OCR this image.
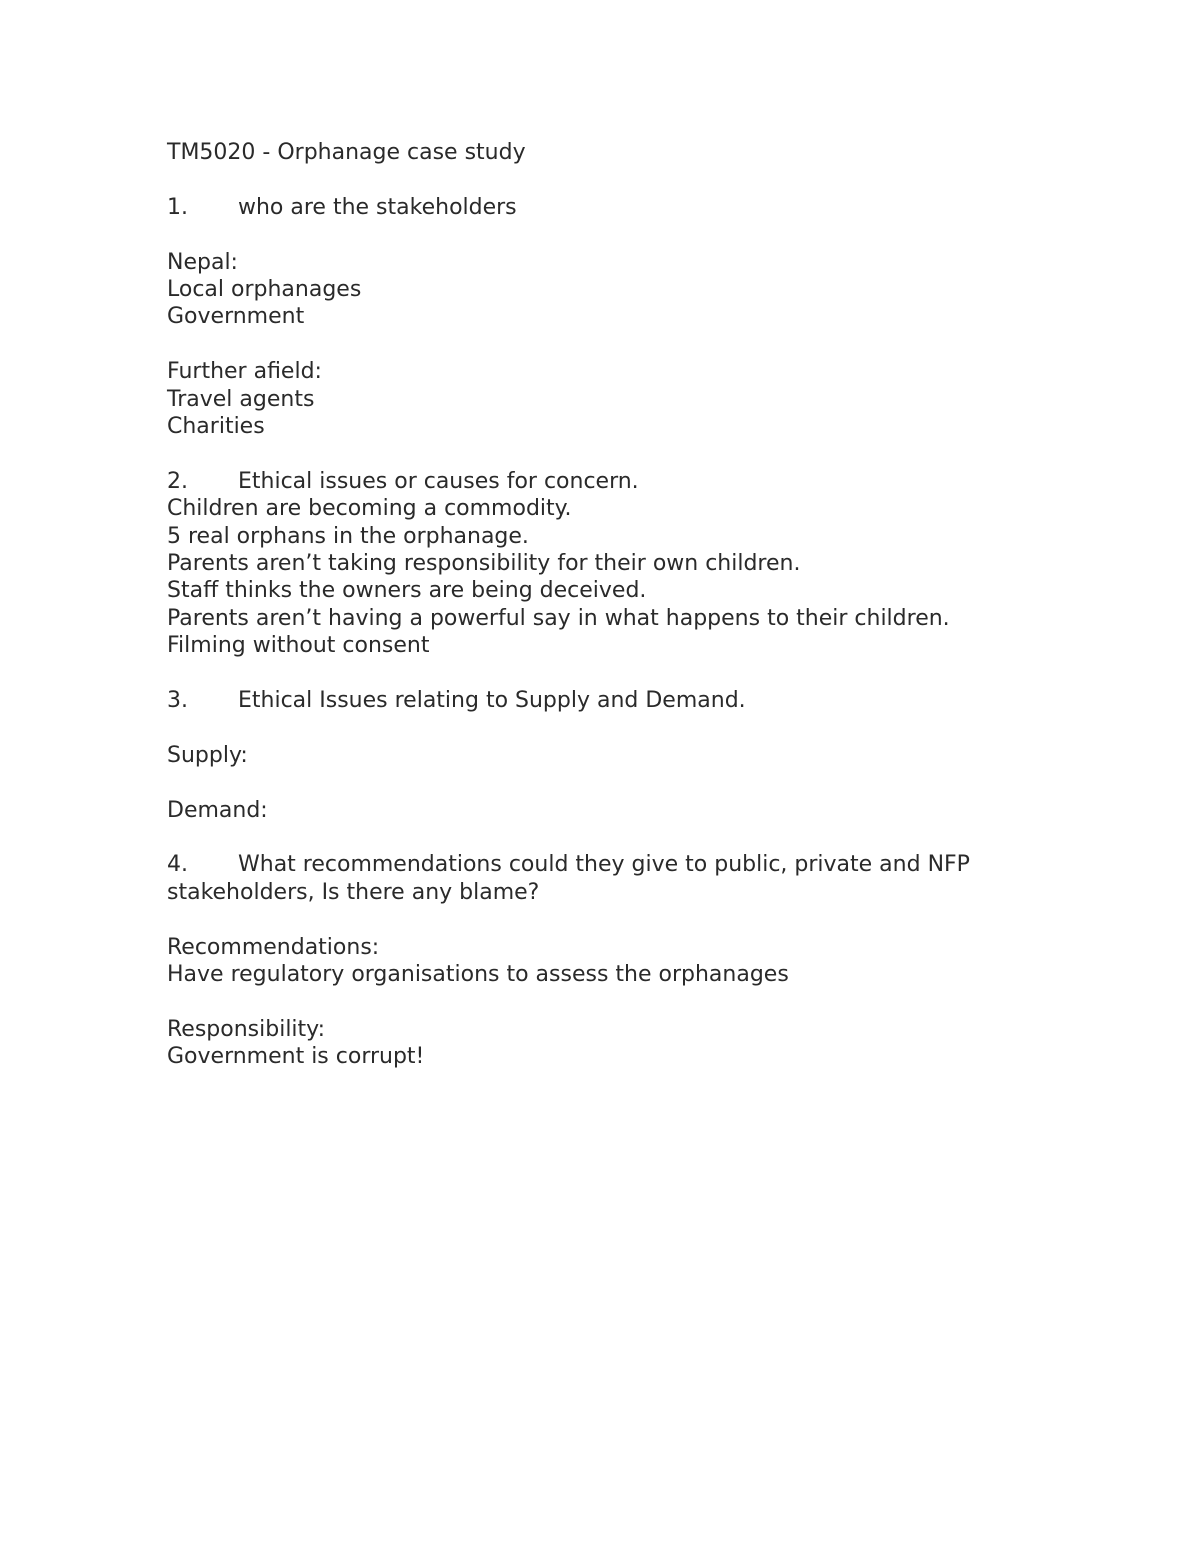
TM5020 - Orphanage case study
1. who are the stakeholders
Nepal:
Local orphanages
Government
Further afield:
Travel agents
Charities
2. Ethical issues or causes for concern.
Children are becoming a commodity.
5 real orphans in the orphanage.
Parents aren’t taking responsibility for their own children.
Staff thinks the owners are being deceived.
Parents aren’t having a powerful say in what happens to their children.
Filming without consent
3. Ethical Issues relating to Supply and Demand.
Supply:
Demand:
4. What recommendations could they give to public, private and NFP
stakeholders, Is there any blame?
Recommendations:
Have regulatory organisations to assess the orphanages
Responsibility:
Government is corrupt!
